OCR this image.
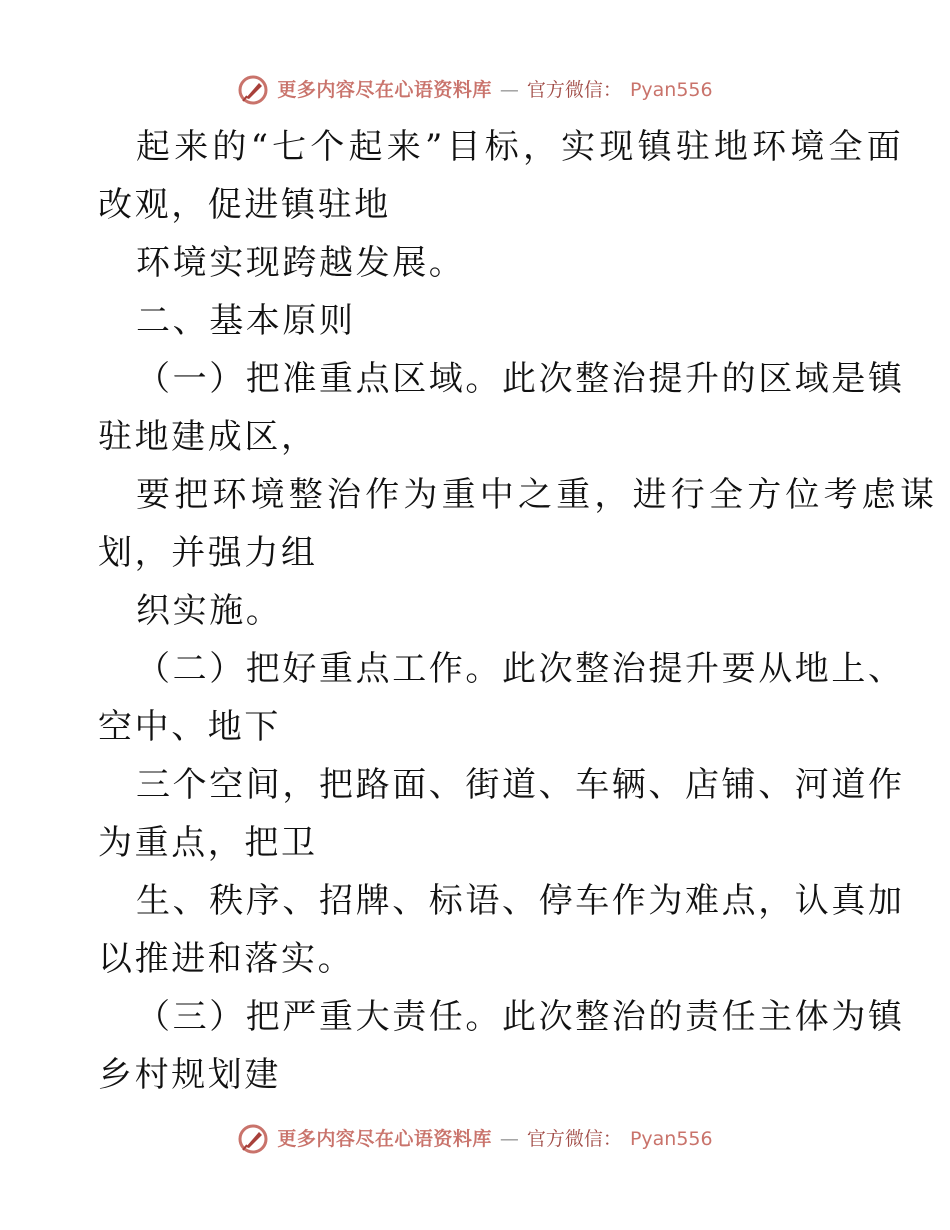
更多内容尽在心语资料库 — 官方微信： Pyan556
起来的“七个起来”目标，实现镇驻地环境全面
改观，促进镇驻地
环境实现跨越发展。
二、基本原则
（一）把准重点区域。此次整治提升的区域是镇
驻地建成区，
要把环境整治作为重中之重，进行全方位考虑谋
划，并强力组
织实施。
（二）把好重点工作。此次整治提升要从地上、
空中、地下
三个空间，把路面、街道、车辆、店铺、河道作
为重点，把卫
生、秩序、招牌、标语、停车作为难点，认真加
以推进和落实。
（三）把严重大责任。此次整治的责任主体为镇
乡村规划建
更多内容尽在心语资料库 — 官方微信： Pyan556
